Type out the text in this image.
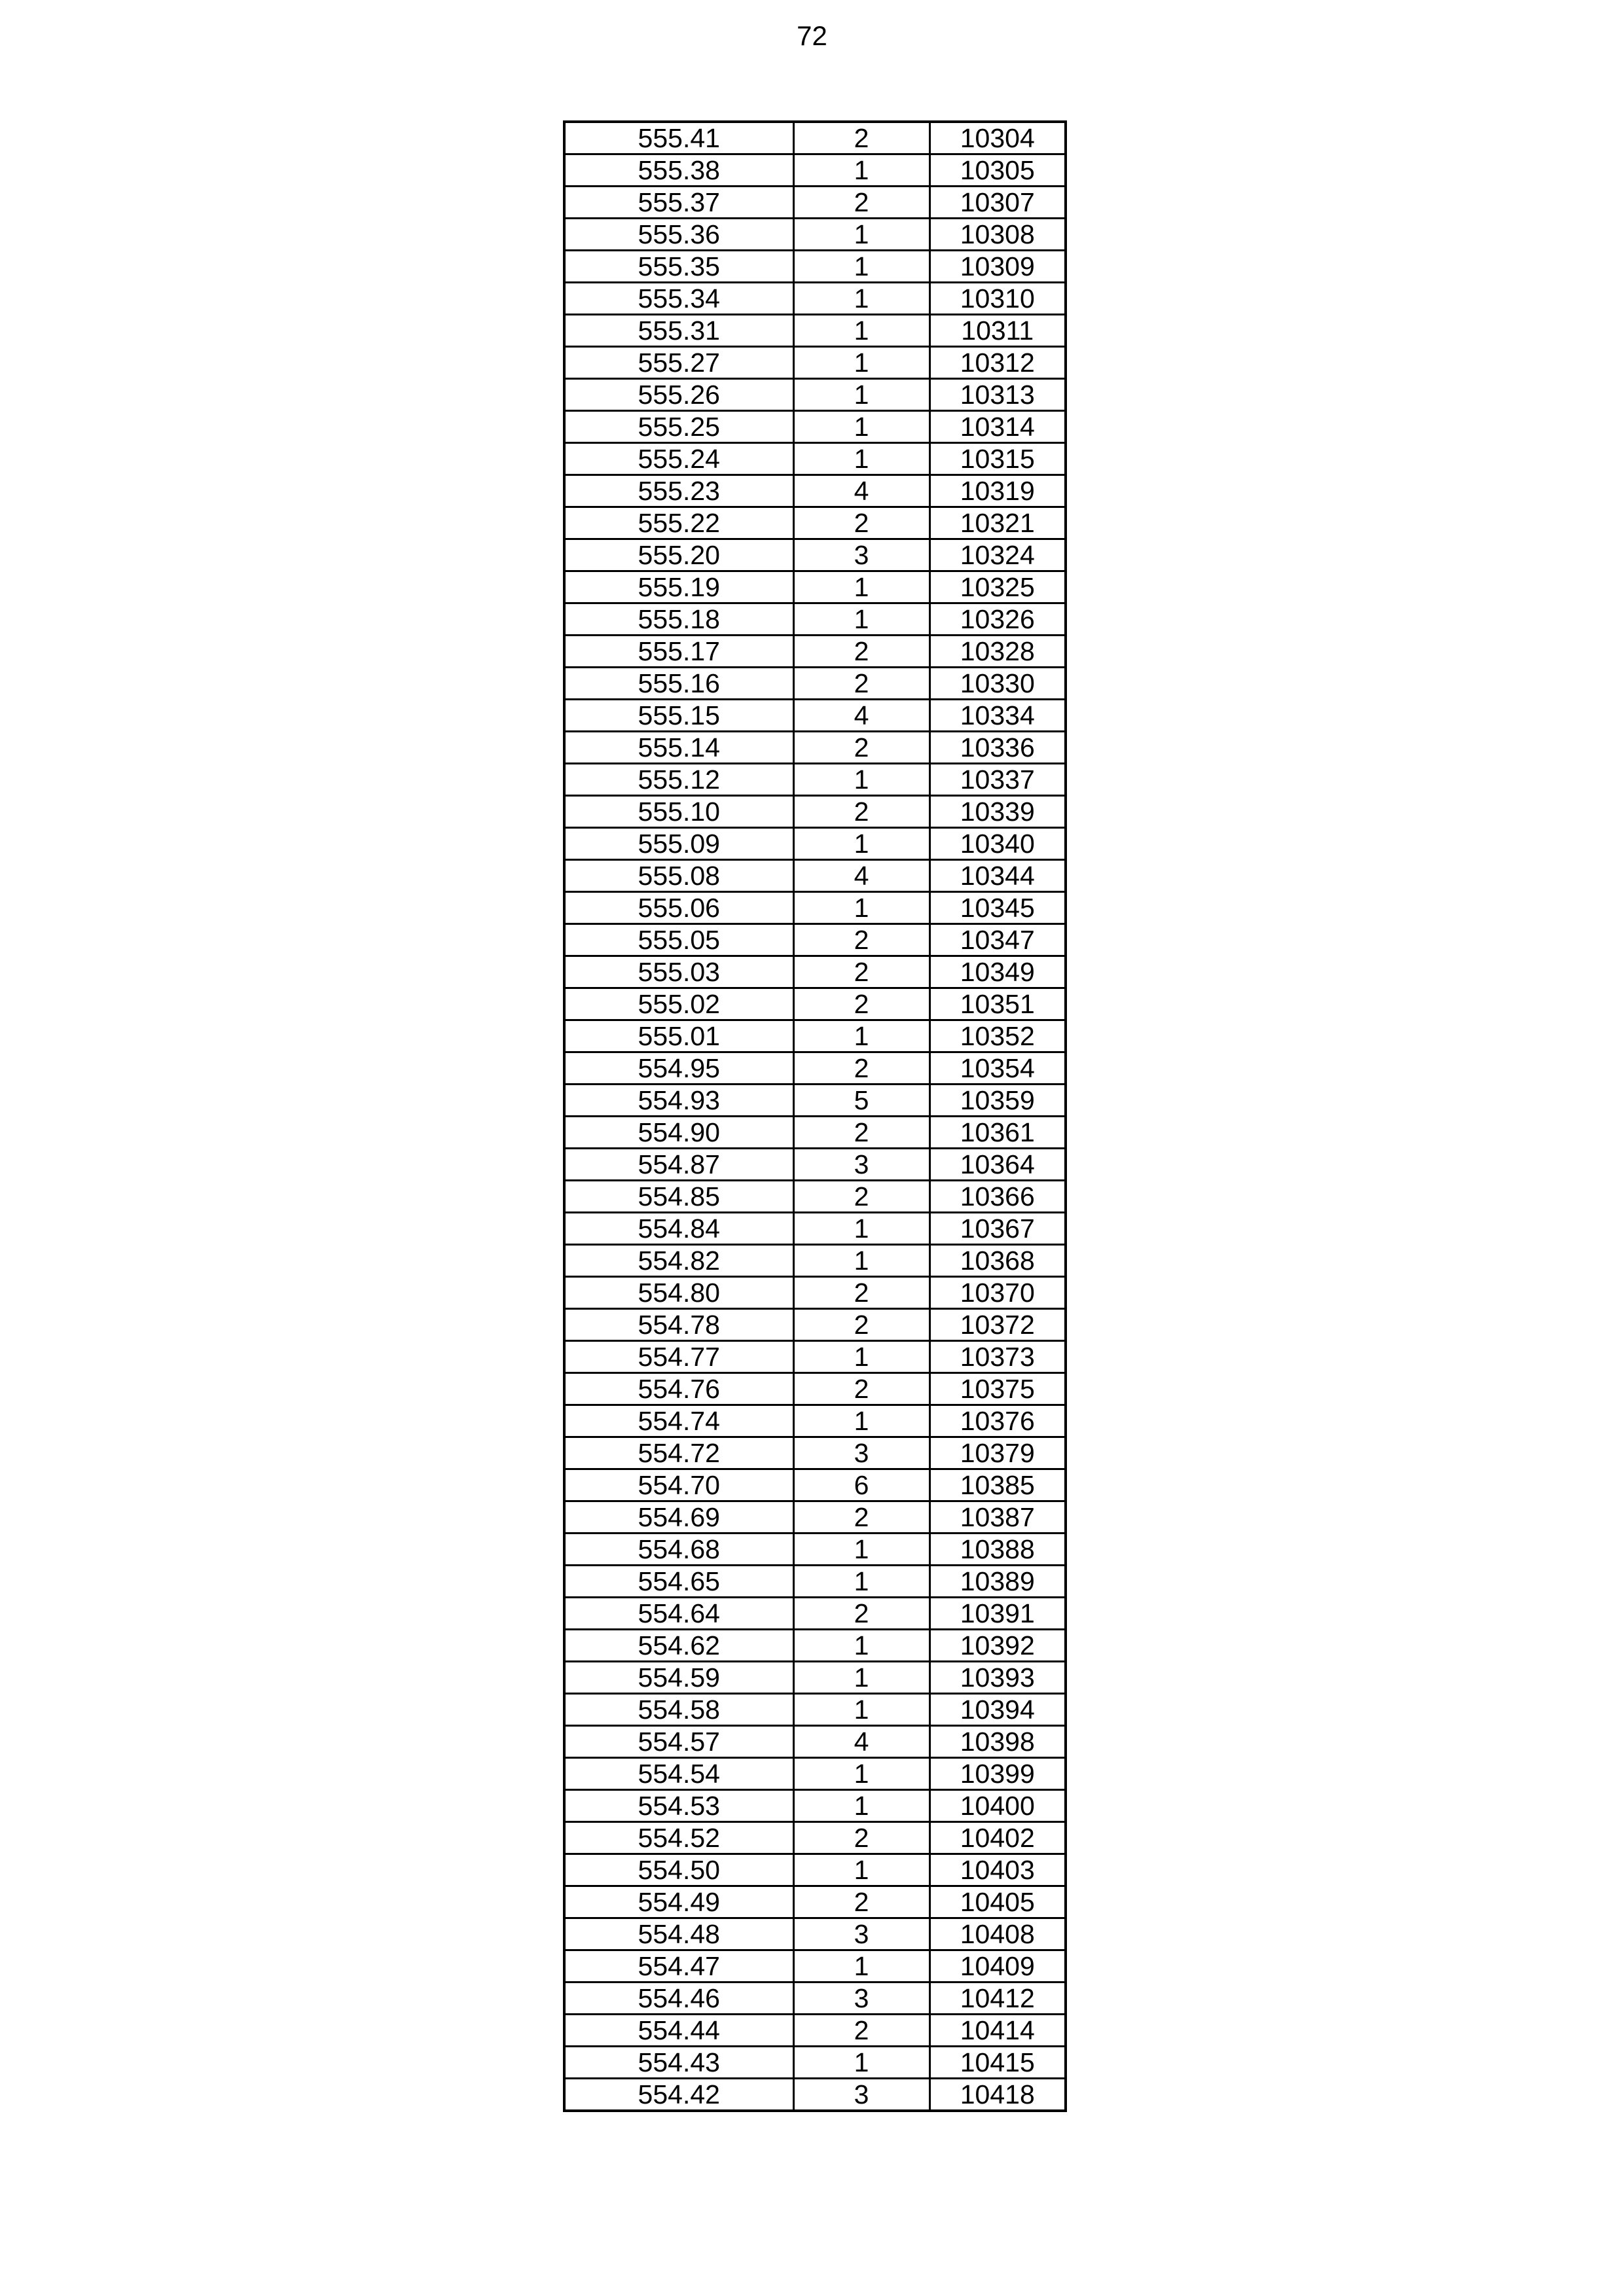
72
555.41	2	10304
555.38	1	10305
555.37	2	10307
555.36	1	10308
555.35	1	10309
555.34	1	10310
555.31	1	10311
555.27	1	10312
555.26	1	10313
555.25	1	10314
555.24	1	10315
555.23	4	10319
555.22	2	10321
555.20	3	10324
555.19	1	10325
555.18	1	10326
555.17	2	10328
555.16	2	10330
555.15	4	10334
555.14	2	10336
555.12	1	10337
555.10	2	10339
555.09	1	10340
555.08	4	10344
555.06	1	10345
555.05	2	10347
555.03	2	10349
555.02	2	10351
555.01	1	10352
554.95	2	10354
554.93	5	10359
554.90	2	10361
554.87	3	10364
554.85	2	10366
554.84	1	10367
554.82	1	10368
554.80	2	10370
554.78	2	10372
554.77	1	10373
554.76	2	10375
554.74	1	10376
554.72	3	10379
554.70	6	10385
554.69	2	10387
554.68	1	10388
554.65	1	10389
554.64	2	10391
554.62	1	10392
554.59	1	10393
554.58	1	10394
554.57	4	10398
554.54	1	10399
554.53	1	10400
554.52	2	10402
554.50	1	10403
554.49	2	10405
554.48	3	10408
554.47	1	10409
554.46	3	10412
554.44	2	10414
554.43	1	10415
554.42	3	10418
